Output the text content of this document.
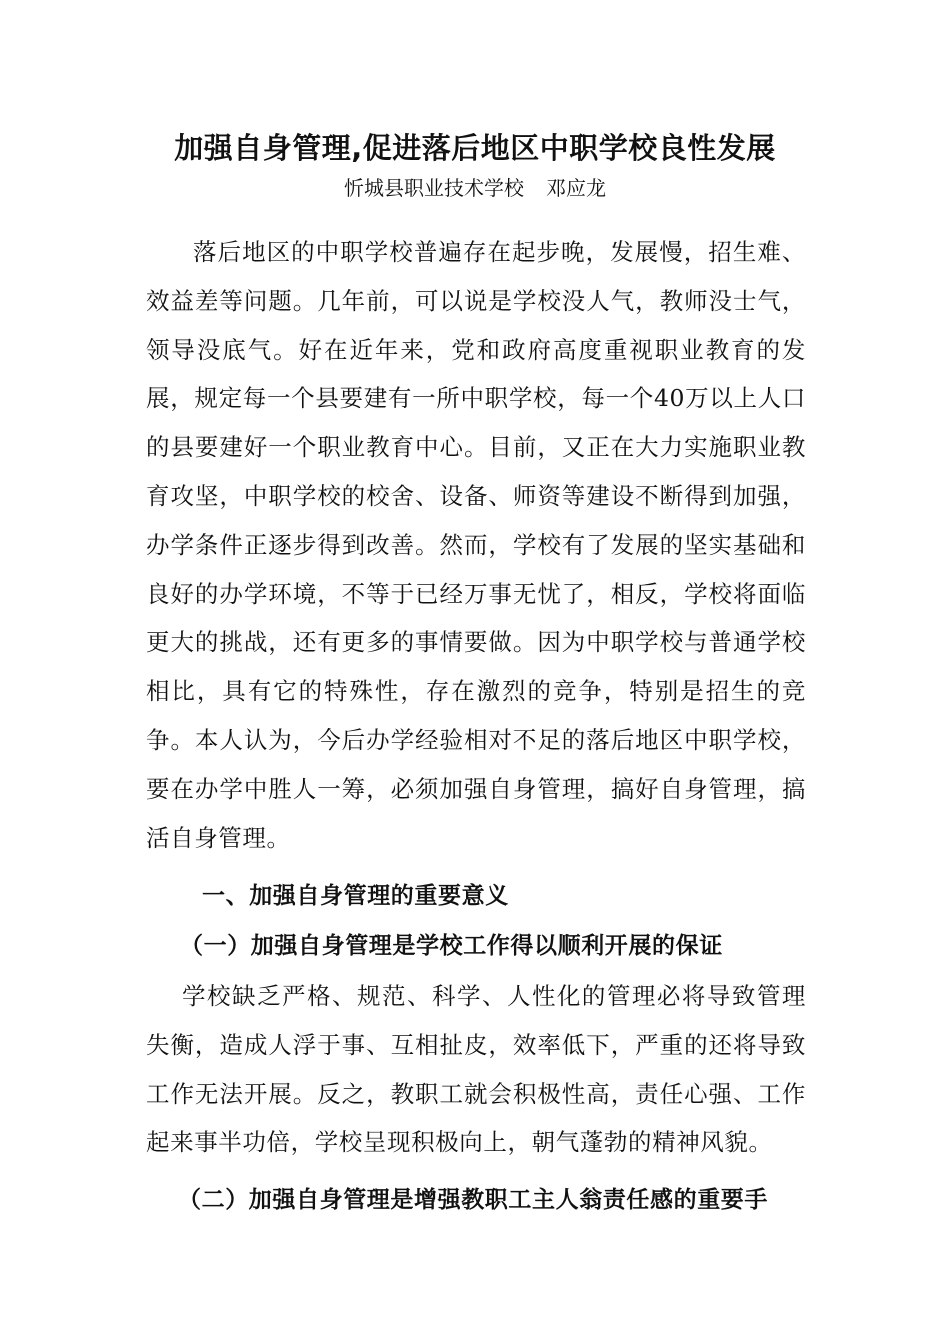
加强自身管理,促进落后地区中职学校良性发展
忻城县职业技术学校 邓应龙

落后地区的中职学校普遍存在起步晚，发展慢，招生难、效益差等问题。几年前，可以说是学校没人气，教师没士气，领导没底气。好在近年来，党和政府高度重视职业教育的发展，规定每一个县要建有一所中职学校，每一个40万以上人口的县要建好一个职业教育中心。目前，又正在大力实施职业教育攻坚，中职学校的校舍、设备、师资等建设不断得到加强，办学条件正逐步得到改善。然而，学校有了发展的坚实基础和良好的办学环境，不等于已经万事无忧了，相反，学校将面临更大的挑战，还有更多的事情要做。因为中职学校与普通学校相比，具有它的特殊性，存在激烈的竞争，特别是招生的竞争。本人认为，今后办学经验相对不足的落后地区中职学校，要在办学中胜人一筹，必须加强自身管理，搞好自身管理，搞活自身管理。

一、加强自身管理的重要意义
（一）加强自身管理是学校工作得以顺利开展的保证

学校缺乏严格、规范、科学、人性化的管理必将导致管理失衡，造成人浮于事、互相扯皮，效率低下，严重的还将导致工作无法开展。反之，教职工就会积极性高，责任心强、工作起来事半功倍，学校呈现积极向上，朝气蓬勃的精神风貌。

（二）加强自身管理是增强教职工主人翁责任感的重要手
